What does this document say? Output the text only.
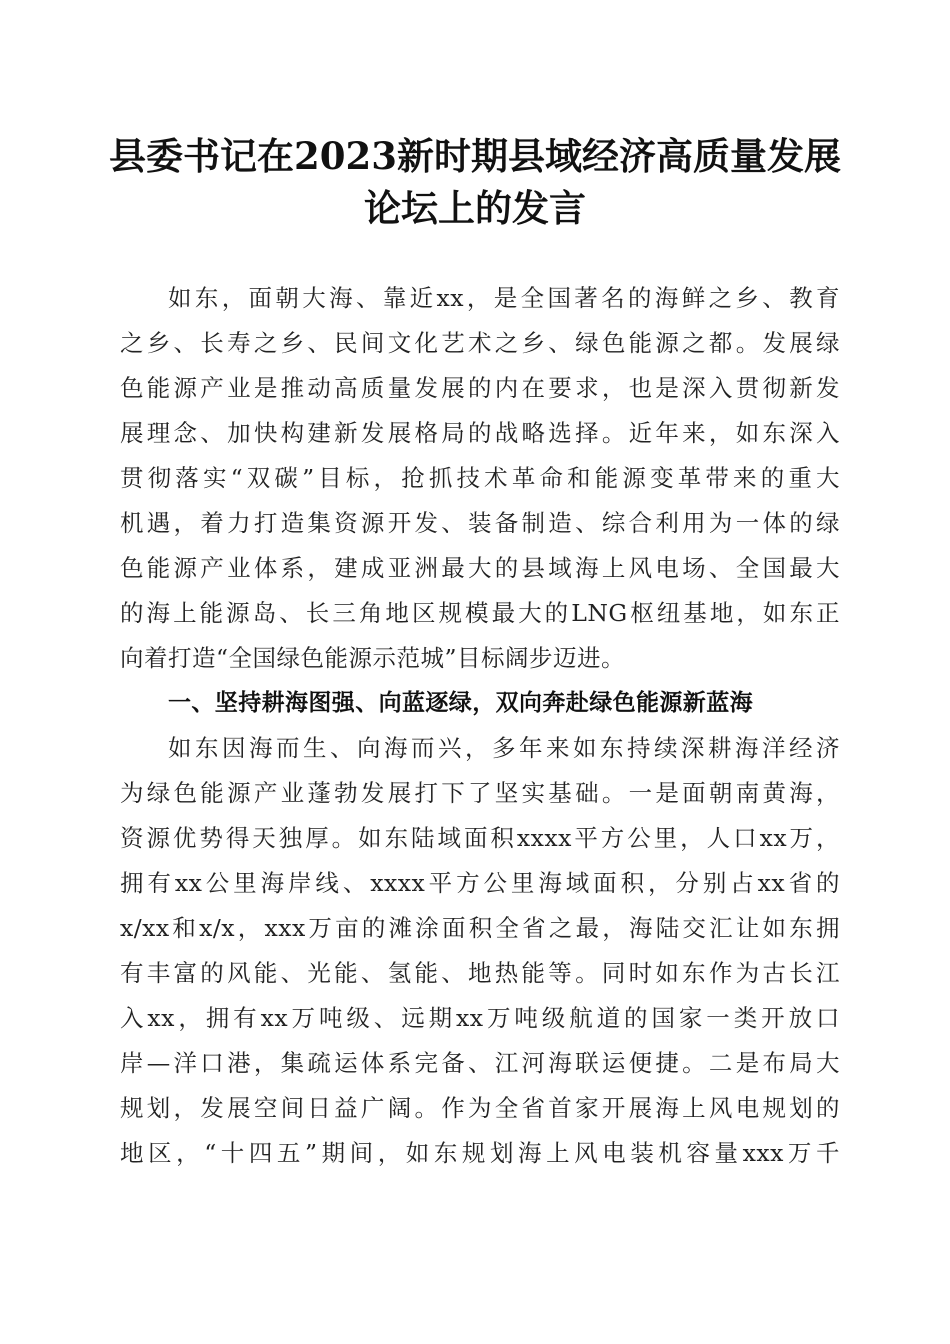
县委书记在2023新时期县域经济高质量发展
论坛上的发言
如东，面朝大海、靠近xx，是全国著名的海鲜之乡、教育
之乡、长寿之乡、民间文化艺术之乡、绿色能源之都。发展绿
色能源产业是推动高质量发展的内在要求，也是深入贯彻新发
展理念、加快构建新发展格局的战略选择。近年来，如东深入
贯彻落实“双碳”目标，抢抓技术革命和能源变革带来的重大
机遇，着力打造集资源开发、装备制造、综合利用为一体的绿
色能源产业体系，建成亚洲最大的县域海上风电场、全国最大
的海上能源岛、长三角地区规模最大的LNG枢纽基地，如东正
向着打造“全国绿色能源示范城”目标阔步迈进。
一、坚持耕海图强、向蓝逐绿，双向奔赴绿色能源新蓝海
如东因海而生、向海而兴，多年来如东持续深耕海洋经济
为绿色能源产业蓬勃发展打下了坚实基础。一是面朝南黄海，
资源优势得天独厚。如东陆域面积xxxx平方公里，人口xx万，
拥有xx公里海岸线、xxxx平方公里海域面积，分别占xx省的
x/xx和x/x，xxx万亩的滩涂面积全省之最，海陆交汇让如东拥
有丰富的风能、光能、氢能、地热能等。同时如东作为古长江
入xx，拥有xx万吨级、远期xx万吨级航道的国家一类开放口
岸—洋口港，集疏运体系完备、江河海联运便捷。二是布局大
规划，发展空间日益广阔。作为全省首家开展海上风电规划的
地区，“十四五”期间，如东规划海上风电装机容量xxx万千
